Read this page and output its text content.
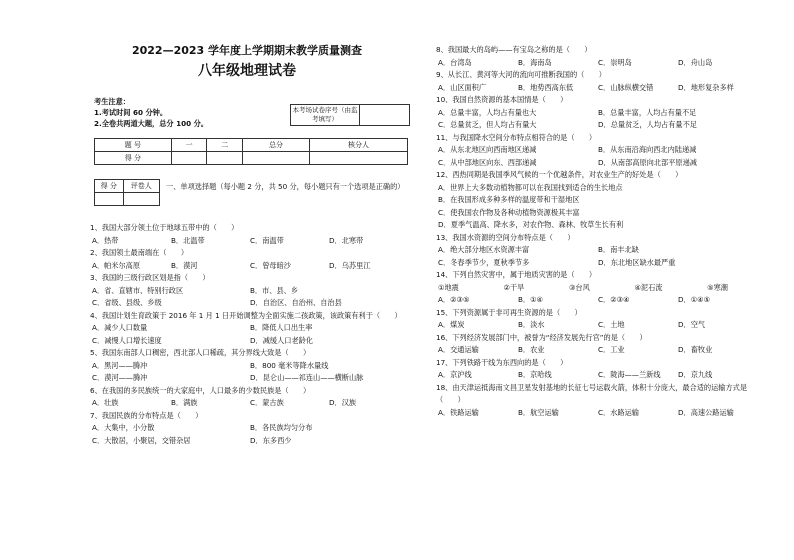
2022—2023 学年度上学期期末教学质量测查
八年级地理试卷
考生注意：
1.考试时间 60 分钟。
2.全卷共两道大题，总分 100 分。
本考场试卷序号（由监考填写）
题 号	一	二	总分	核分人
得 分				
得 分	评卷人
	一、单项选择题（每小题 2 分，共 50 分，每小题只有一个选项是正确的）
1、我国大部分领土位于地球五带中的（　　）
A．热带	B．北温带	C．南温带	D．北寒带
2、我国领土最南端在（　　）
A．帕米尔高原	B．漠河	C．曾母暗沙	D．乌苏里江
3、我国的三级行政区划是指（　　）
A．省、直辖市、特别行政区	B．市、县、乡
C．省级、县级、乡级	D．自治区、自治州、自治县
4、我国计划生育政策于 2016 年 1 月 1 日开始调整为全面实施二孩政策，该政策有利于（　　）
A．减少人口数量	B．降低人口出生率
C．减慢人口增长速度	D．减缓人口老龄化
5、我国东南部人口稠密，西北部人口稀疏，其分界线大致是（　　）
A．黑河——腾冲	B．800 毫米等降水量线
C．漠河——腾冲	D．昆仑山——祁连山——横断山脉
6、在我国的多民族统一的大家庭中，人口最多的少数民族是（　　）
A．壮族	B．满族	C．蒙古族	D．汉族
7、我国民族的分布特点是（　　）
A．大集中，小分散	B．各民族均匀分布
C．大散居，小聚居，交错杂居	D．东多西少
8、我国最大的岛屿——有宝岛之称的是（　　）
A．台湾岛	B．海南岛	C．崇明岛	D．舟山岛
9、从长江、黄河等大河的流向可推断我国的（　　）
A．山区面积广	B．地势西高东低	C．山脉纵横交错	D．地形复杂多样
10、我国自然资源的基本国情是（　　）
A．总量丰富，人均占有量也大	B．总量丰富，人均占有量不足
C．总量贫乏，但人均占有量大	D．总量贫乏，人均占有量不足
11、与我国降水空间分布特点相符合的是（　　）
A．从东北地区向西南地区递减	B．从东南沿海向西北内陆递减
C．从中部地区向东、西部递减	D．从南部高原向北部平原递减
12、西热同期是我国季风气候的一个优越条件，对农业生产的好处是（　　）
A．世界上大多数动植物都可以在我国找到适合的生长地点
B．在我国形成多种多样的温度带和干湿地区
C．使我国农作物及各种动植物资源极其丰富
D．夏季气温高、降水多，对农作物、森林、牧草生长有利
13、我国水资源的空间分布特点是（　　）
A．绝大部分地区水资源丰富	B．南丰北缺
C．冬春季节少，夏秋季节多	D．东北地区缺水最严重
14、下列自然灾害中，属于地质灾害的是（　　）
①地震	②干旱	③台风	④泥石流	⑤寒潮
A．②③⑤	B．①④	C．②③④	D．①④⑤
15、下列资源属于非可再生资源的是（　　）
A．煤炭	B．淡水	C．土地	D．空气
16、下列经济发展部门中，被誉为“经济发展先行官”的是（　　）
A．交通运输	B．农业	C．工业	D．畜牧业
17、下列铁路干线为东西向的是（　　）
A．京沪线	B．京哈线	C．陇海——兰新线	D．京九线
18、由天津运抵海南文昌卫星发射基地的长征七号运载火箭，体积十分庞大，最合适的运输方式是（　　）
A．铁路运输	B．航空运输	C．水路运输	D．高速公路运输
